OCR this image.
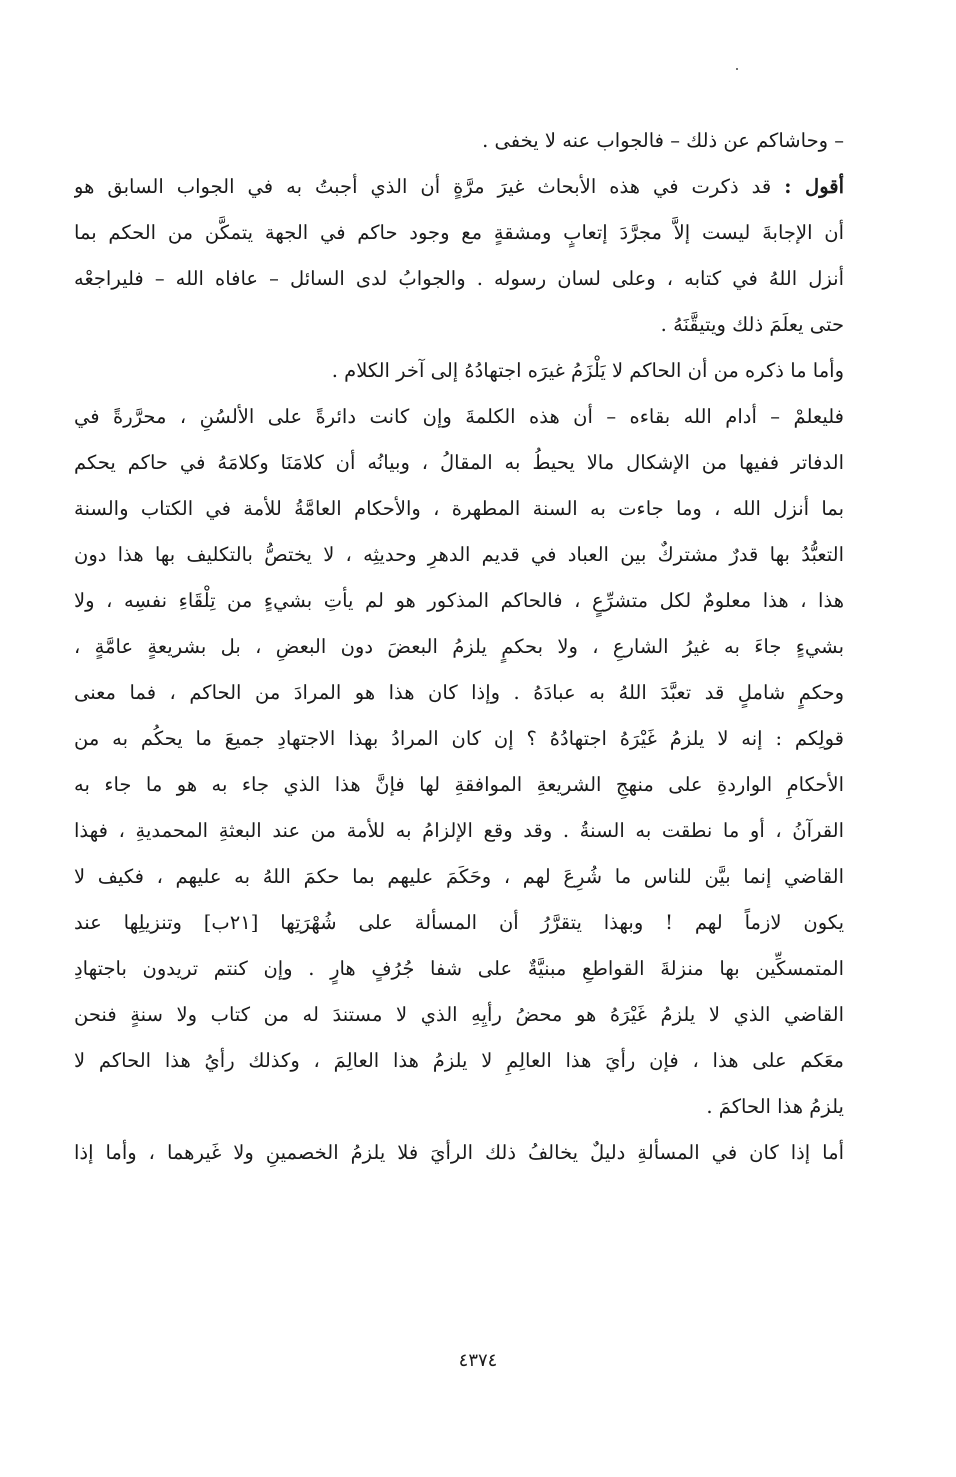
– وحاشاكم عن ذلك – فالجواب عنه لا يخفى .
أقول : قد ذكرت في هذه الأبحاث غيرَ مرَّةٍ أن الذي أجبتُ به في الجواب السابق هو
أن الإجابةَ ليست إلاَّ مجرَّدَ إتعابٍ ومشقةٍ مع وجود حاكم في الجهة يتمكَّن من الحكم بما
أنزل اللهُ في كتابه ، وعلى لسان رسوله . والجوابُ لدى السائل – عافاه الله – فليراجعْه
حتى يعلَمَ ذلك ويتيقَّنَهُ .
وأما ما ذكره من أن الحاكم لا يَلْزَمُ غيرَه اجتهادُهُ إلى آخر الكلام .
فليعلمْ – أدام الله بقاءه – أن هذه الكلمةَ وإن كانت دائرةً على الألسُنِ ، محرَّرةً في
الدفاتر ففيها من الإشكال مالا يحيطُ به المقالُ ، وبيانُه أن كلامَنَا وكلامَهُ في حاكم يحكم
بما أنزل الله ، وما جاءت به السنة المطهرة ، والأحكام العامَّةُ للأمة في الكتاب والسنة
التعبُّدُ بها قدرٌ مشتركٌ بين العباد في قديم الدهرِ وحديثِه ، لا يختصُّ بالتكليف بها هذا دون
هذا ، هذا معلومٌ لكل متشرِّعٍ ، فالحاكم المذكور هو لم يأتِ بشيءٍ من تِلْقَاءِ نفسِه ، ولا
بشيءٍ جاءَ به غيرُ الشارعِ ، ولا بحكمٍ يلزمُ البعضَ دون البعضِ ، بل بشريعةٍ عامَّةٍ ،
وحكمٍ شاملٍ قد تعبَّدَ اللهُ به عبادَهُ . وإذا كان هذا هو المرادَ من الحاكم ، فما معنى
قولِكم : إنه لا يلزمُ غَيْرَهُ اجتهادُهُ ؟ إن كان المرادُ بهذا الاجتهادِ جميعَ ما يحكُم به من
الأحكامِ الواردةِ على منهجِ الشريعةِ الموافقةِ لها فإنَّ هذا الذي جاء به هو ما جاء به
القرآنُ ، أو ما نطقت به السنةُ . وقد وقع الإلزامُ به للأمة من عند البعثةِ المحمديةِ ، فهذا
القاضي إنما بيَّن للناس ما شُرِعَ لهم ، وحَكَمَ عليهم بما حكمَ اللهُ به عليهم ، فكيف لا
يكون لازماً لهم ! وبهذا يتقرَّرُ أن المسألة على شُهْرَتِها [٢١ب] وتنزيلِها عند
المتمسكِّين بها منزلةَ القواطعِ مبنيَّةٌ على شفا جُرُفٍ هارٍ . وإن كنتم تريدون باجتهادِ
القاضي الذي لا يلزمُ غَيْرَهُ هو محضُ رأيِهِ الذي لا مستندَ له من كتاب ولا سنةٍ فنحن
معَكم على هذا ، فإن رأيَ هذا العالِمِ لا يلزمُ هذا العالِمَ ، وكذلك رأيُ هذا الحاكم لا
يلزمُ هذا الحاكمَ .
أما إذا كان في المسألةِ دليلٌ يخالفُ ذلك الرأيَ فلا يلزمُ الخصمينِ ولا غَيرهما ، وأما إذا
٤٣٧٤
